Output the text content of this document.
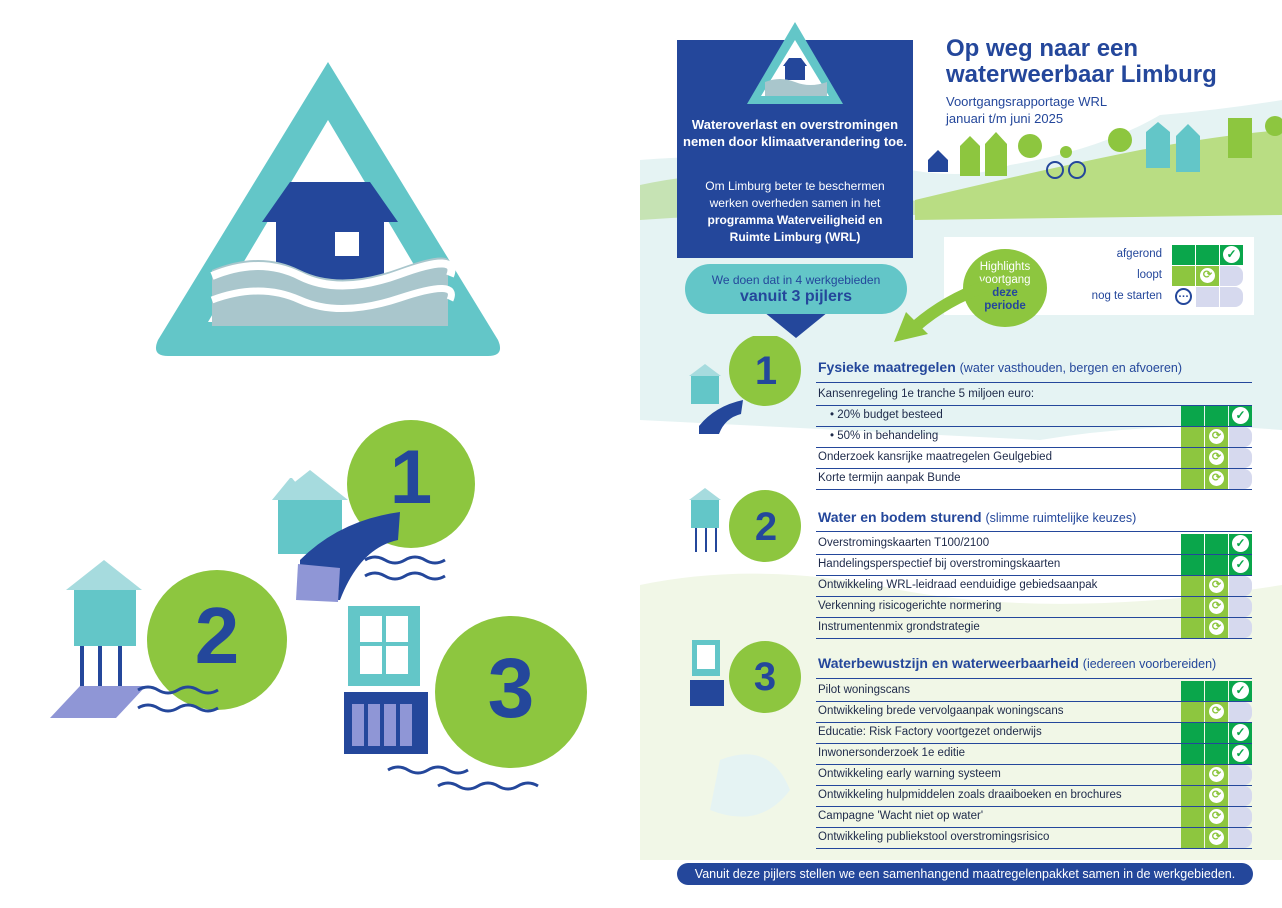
1
2
3
Wateroverlast en overstromingen nemen door klimaatverandering toe.
Om Limburg beter te beschermen werken overheden samen in het programma Waterveiligheid en Ruimte Limburg (WRL)
We doen dat in 4 werkgebieden
vanuit 3 pijlers
Op weg naar een
waterweerbaar Limburg
Voortgangsrapportage WRL
januari t/m juni 2025
afgerond	✓
loopt	⟳
nog te starten …
Highlights
voortgang
deze
periode
1
2
3
Fysieke maatregelen (water vasthouden, bergen en afvoeren)
Water en bodem sturend (slimme ruimtelijke keuzes)
Waterbewustzijn en waterweerbaarheid (iedereen voorbereiden)
Kansenregeling 1e tranche 5 miljoen euro:
• 20% budget besteed	✓
• 50% in behandeling	⟳
Onderzoek kansrijke maatregelen Geulgebied	⟳
Korte termijn aanpak Bunde	⟳
Overstromingskaarten T100/2100	✓
Handelingsperspectief bij overstromingskaarten	✓
Ontwikkeling WRL-leidraad eenduidige gebiedsaanpak	⟳
Verkenning risicogerichte normering	⟳
Instrumentenmix grondstrategie	⟳
Pilot woningscans	✓
Ontwikkeling brede vervolgaanpak woningscans	⟳
Educatie: Risk Factory voortgezet onderwijs	✓
Inwonersonderzoek 1e editie	✓
Ontwikkeling early warning systeem	⟳
Ontwikkeling hulpmiddelen zoals draaiboeken en brochures	⟳
Campagne 'Wacht niet op water'	⟳
Ontwikkeling publiekstool overstromingsrisico	⟳
Vanuit deze pijlers stellen we een samenhangend maatregelenpakket samen in de werkgebieden.
